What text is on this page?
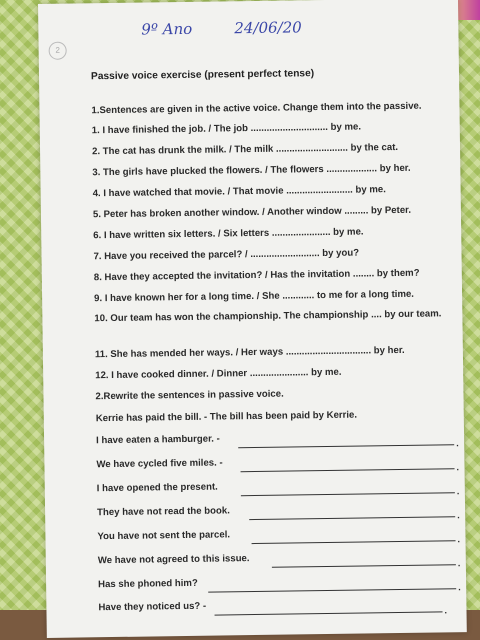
2
9º Ano	24/06/20
Passive voice exercise (present perfect tense)
1.Sentences are given in the active voice. Change them into the passive.
1. I have finished the job. / The job ............................. by me.
2. The cat has drunk the milk. / The milk ........................... by the cat.
3. The girls have plucked the flowers. / The flowers ................... by her.
4. I have watched that movie. / That movie ......................... by me.
5. Peter has broken another window. / Another window ......... by Peter.
6. I have written six letters. / Six letters ...................... by me.
7. Have you received the parcel? / .......................... by you?
8. Have they accepted the invitation? / Has the invitation ........ by them?
9. I have known her for a long time. / She ............ to me for a long time.
10. Our team has won the championship. The championship .... by our team.
11. She has mended her ways. / Her ways ................................ by her.
12. I have cooked dinner. / Dinner ...................... by me.
2.Rewrite the sentences in passive voice.
Kerrie has paid the bill. - The bill has been paid by Kerrie.
I have eaten a hamburger. -	.
We have cycled five miles. -	.
I have opened the present.	.
They have not read the book.	.
You have not sent the parcel.	.
We have not agreed to this issue.	.
Has she phoned him?	.
Have they noticed us? -	.
